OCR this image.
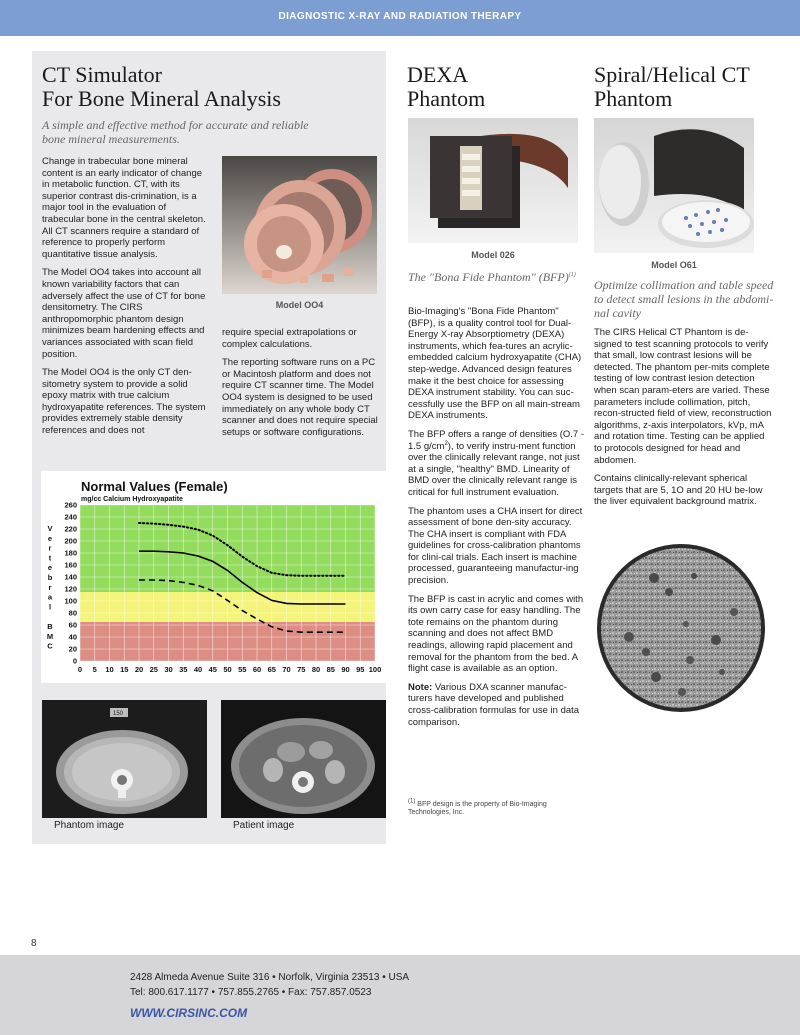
DIAGNOSTIC X-RAY AND RADIATION THERAPY
CT Simulator
For Bone Mineral Analysis
A simple and effective method for accurate and reliable
bone mineral measurements.

Change in trabecular bone mineral content is an early indicator of change in metabolic function. CT, with its superior contrast dis-crimination, is a major tool in the evaluation of trabecular bone in the central skeleton. All CT scanners require a standard of reference to properly perform quantitative tissue analysis.

The Model OO4 takes into account all known variability factors that can adversely affect the use of CT for bone densitometry. The CIRS anthropomorphic phantom design minimizes beam hardening effects and variances associated with scan field position.

The Model OO4 is the only CT den-sitometry system to provide a solid epoxy matrix with true calcium hydroxyapatite references. The system provides extremely stable density references and does not

Model OO4

require special extrapolations or complex calculations.

The reporting software runs on a PC or Macintosh platform and does not require CT scanner time. The Model OO4 system is designed to be used immediately on any whole body CT scanner and does not require special setups or software configurations.

0
20
40
60
80
100
120
140
160
180
200
220
240
260
0 5 10 15 20 25 30 35 40 45 50 55 60 65 70 75 80 85 90 95 100
V
e
r
t
e
b
r
a
l
B
M
C
Normal Values (Female)
mg/cc Calcium Hydroxyapatite
150
Phantom image	Patient image
DEXA
Phantom
Model 026
The "Bona Fide Phantom" (BFP)$^{(1)}$

Bio-Imaging's "Bona Fide Phantom" (BFP), is a quality control tool for Dual-Energy X-ray Absorptiometry (DEXA) instruments, which fea-tures an acrylic-embedded calcium hydroxyapatite (CHA) step-wedge. Advanced design features make it the best choice for assessing DEXA instrument stability. You can suc-cessfully use the BFP on all main-stream DEXA instruments.

The BFP offers a range of densities (O.7 - 1.5 $g/cm^2$), to verify instru-ment function over the clinically relevant range, not just at a single, "healthy" BMD. Linearity of BMD over the clinically relevant range is critical for full instrument evaluation.

The phantom uses a CHA insert for direct assessment of bone den-sity accuracy. The CHA insert is compliant with FDA guidelines for cross-calibration phantoms for clini-cal trials. Each insert is machine processed, guaranteeing manufactur-ing precision.

The BFP is cast in acrylic and comes with its own carry case for easy handling. The tote remains on the phantom during scanning and does not affect BMD readings, allowing rapid placement and removal for the phantom from the bed. A flight case is available as an option.

Note: Various DXA scanner manufac-turers have developed and published cross-calibration formulas for use in data comparison.

$^{(1)}$ BFP design is the property of Bio-Imaging Technologies, Inc.
Spiral/Helical CT
Phantom
Model O61
Optimize collimation and table speed to detect small lesions in the abdomi-nal cavity

The CIRS Helical CT Phantom is de-signed to test scanning protocols to verify that small, low contrast lesions will be detected. The phantom per-mits complete testing of low contrast lesion detection when scan param-eters are varied. These parameters include collimation, pitch, recon-structed field of view, reconstruction algorithms, z-axis interpolators, kVp, mA and rotation time. Testing can be applied to protocols designed for head and abdomen.

Contains clinically-relevant spherical targets that are 5, 1O and 20 HU be-low the liver equivalent background matrix.

8
2428 Almeda Avenue Suite 316 • Norfolk, Virginia 23513 • USA
Tel: 800.617.1177 • 757.855.2765 • Fax: 757.857.0523
WWW.CIRSINC.COM
